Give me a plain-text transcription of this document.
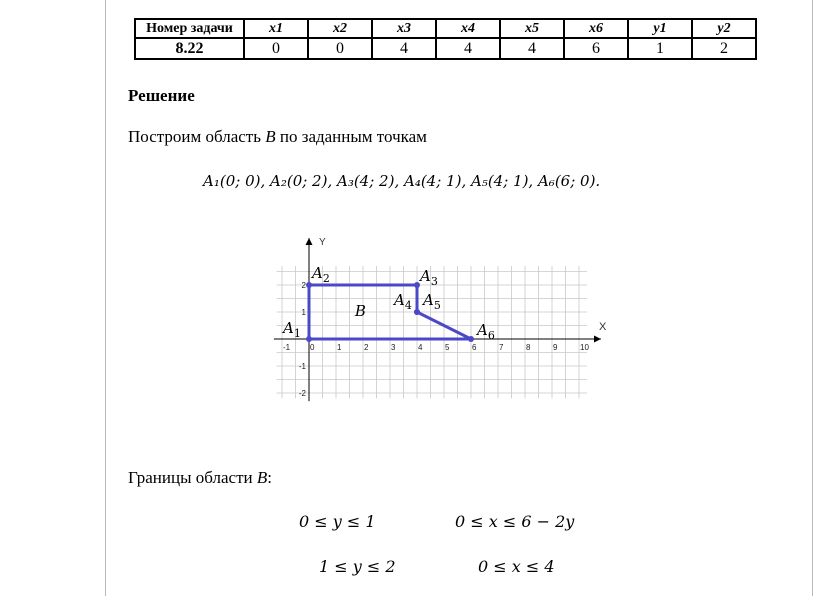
Номер задачи	x1	x2	x3	x4	x5	x6	y1	y2
8.22	0	0	4	4	4	6	1	2
Решение
Построим область B по заданным точкам
A₁(0; 0), A₂(0; 2), A₃(4; 2), A₄(4; 1), A₅(4; 1), A₆(6; 0).
X
Y
-1 0	1	2	3	4	5	6	7	8	9	10
-2
-1
1
2
$A_1$
$A_2$	$A_3$
$A_4$ $A_5$
$A_6$
B
Границы области B:
0 ≤ y ≤ 1	0 ≤ x ≤ 6 − 2y
1 ≤ y ≤ 2	0 ≤ x ≤ 4
